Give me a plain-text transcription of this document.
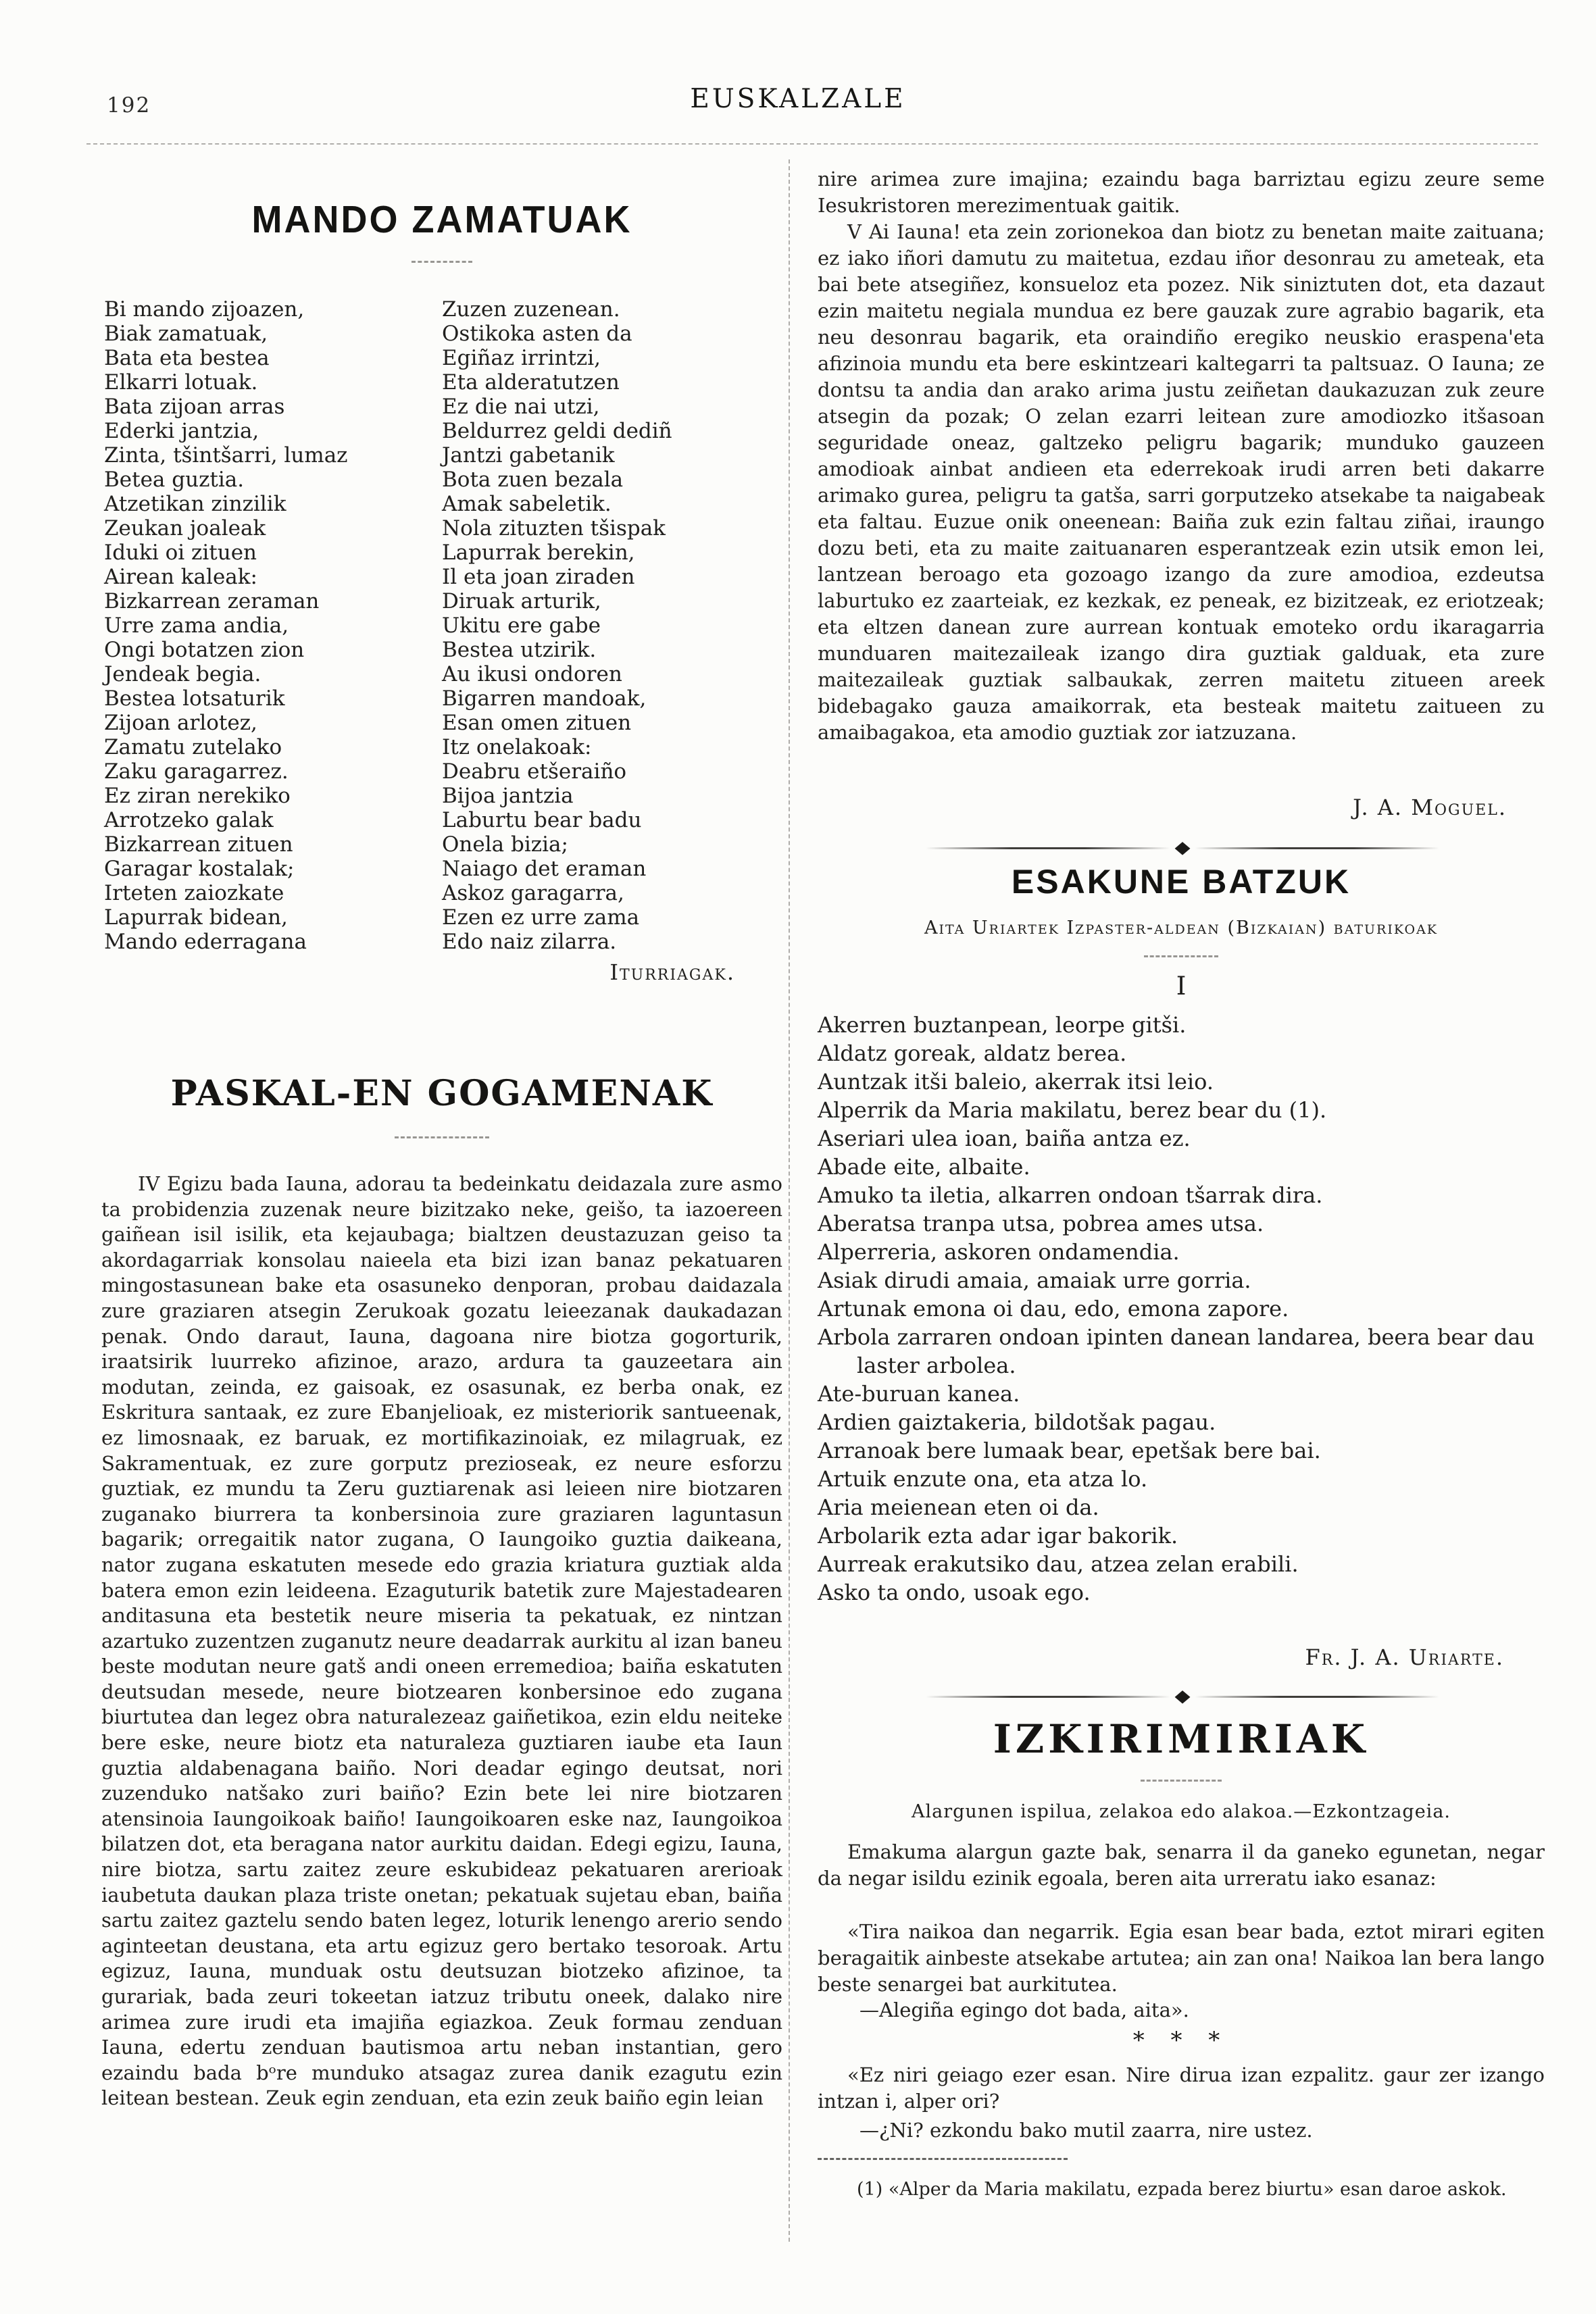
192	EUSKALZALE
MANDO ZAMATUAK
Bi mando zijoazen,
Biak zamatuak,
Bata eta bestea
Elkarri lotuak.
Bata zijoan arras
Ederki jantzia,
Zinta, tšintšarri, lumaz
Betea guztia.
Atzetikan zinzilik
Zeukan joaleak
Iduki oi zituen
Airean kaleak:
Bizkarrean zeraman
Urre zama andia,
Ongi botatzen zion
Jendeak begia.
Bestea lotsaturik
Zijoan arlotez,
Zamatu zutelako
Zaku garagarrez.
Ez ziran nerekiko
Arrotzeko galak
Bizkarrean zituen
Garagar kostalak;
Irteten zaiozkate
Lapurrak bidean,
Mando ederragana
Zuzen zuzenean.
Ostikoka asten da
Egiñaz irrintzi,
Eta alderatutzen
Ez die nai utzi,
Beldurrez geldi dediñ
Jantzi gabetanik
Bota zuen bezala
Amak sabeletik.
Nola zituzten tšispak
Lapurrak berekin,
Il eta joan ziraden
Diruak arturik,
Ukitu ere gabe
Bestea utzirik.
Au ikusi ondoren
Bigarren mandoak,
Esan omen zituen
Itz onelakoak:
Deabru etšeraiño
Bijoa jantzia
Laburtu bear badu
Onela bizia;
Naiago det eraman
Askoz garagarra,
Ezen ez urre zama
Edo naiz zilarra.
Iturriagak.
PASKAL-EN GOGAMENAK
IV Egizu bada Iauna, adorau ta bedeinkatu deidazala zure asmo ta probidenzia zuzenak neure bizitzako neke, geišo, ta iazoereen gaiñean isil isilik, eta kejaubaga; bialtzen deustazuzan geiso ta akordagarriak konsolau naieela eta bizi izan banaz pekatuaren mingostasunean bake eta osasuneko denporan, probau daidazala zure graziaren atsegin Zerukoak gozatu leieezanak daukadazan penak. Ondo daraut, Iauna, dagoana nire biotza gogorturik, iraatsirik luurreko afizinoe, arazo, ardura ta gauzeetara ain modutan, zeinda, ez gaisoak, ez osasunak, ez berba onak, ez Eskritura santaak, ez zure Ebanjelioak, ez misteriorik santueenak, ez limosnaak, ez baruak, ez mortifikazinoiak, ez milagruak, ez Sakramentuak, ez zure gorputz prezioseak, ez neure esforzu guztiak, ez mundu ta Zeru guztiarenak asi leieen nire biotzaren zuganako biurrera ta konbersinoia zure graziaren laguntasun bagarik; orregaitik nator zugana, O Iaungoiko guztia daikeana, nator zugana eskatuten mesede edo grazia kriatura guztiak alda batera emon ezin leideena. Ezaguturik batetik zure Majestadearen anditasuna eta bestetik neure miseria ta pekatuak, ez nintzan azartuko zuzentzen zuganutz neure deadarrak aurkitu al izan baneu beste modutan neure gatš andi oneen erremedioa; baiña eskatuten deutsudan mesede, neure biotzearen konbersinoe edo zugana biurtutea dan legez obra naturalezeaz gaiñetikoa, ezin eldu neiteke bere eske, neure biotz eta naturaleza guztiaren iaube eta Iaun guztia aldabenagana baiño. Nori deadar egingo deutsat, nori zuzenduko natšako zuri baiño? Ezin bete lei nire biotzaren atensinoia Iaungoikoak baiño! Iaungoikoaren eske naz, Iaungoikoa bilatzen dot, eta beragana nator aurkitu daidan. Edegi egizu, Iauna, nire biotza, sartu zaitez zeure eskubideaz pekatuaren arerioak iaubetuta daukan plaza triste onetan; pekatuak sujetau eban, baiña sartu zaitez gaztelu sendo baten legez, loturik lenengo arerio sendo aginteetan deustana, eta artu egizuz gero bertako tesoroak. Artu egizuz, Iauna, munduak ostu deutsuzan biotzeko afizinoe, ta gurariak, bada zeuri tokeetan iatzuz tributu oneek, dalako nire arimea zure irudi eta imajiña egiazkoa. Zeuk formau zenduan Iauna, edertu zenduan bautismoa artu neban instantian, gero ezaindu bada bᵒre munduko atsagaz zurea danik ezagutu ezin leitean bestean. Zeuk egin zenduan, eta ezin zeuk baiño egin leian
nire arimea zure imajina; ezaindu baga barriztau egizu zeure seme Iesukristoren merezimentuak gaitik.
V Ai Iauna! eta zein zorionekoa dan biotz zu benetan maite zaituana; ez iako iñori damutu zu maitetua, ezdau iñor desonrau zu ameteak, eta bai bete atsegiñez, konsueloz eta pozez. Nik siniztuten dot, eta dazaut ezin maitetu negiala mundua ez bere gauzak zure agrabio bagarik, eta neu desonrau bagarik, eta oraindiño eregiko neuskio eraspena'eta afizinoia mundu eta bere eskintzeari kaltegarri ta paltsuaz. O Iauna; ze dontsu ta andia dan arako arima justu zeiñetan daukazuzan zuk zeure atsegin da pozak; O zelan ezarri leitean zure amodiozko itšasoan seguridade oneaz, galtzeko peligru bagarik; munduko gauzeen amodioak ainbat andieen eta ederrekoak irudi arren beti dakarre arimako gurea, peligru ta gatša, sarri gorputzeko atsekabe ta naigabeak eta faltau. Euzue onik oneenean: Baiña zuk ezin faltau ziñai, iraungo dozu beti, eta zu maite zaituanaren esperantzeak ezin utsik emon lei, lantzean beroago eta gozoago izango da zure amodioa, ezdeutsa laburtuko ez zaarteiak, ez kezkak, ez peneak, ez bizitzeak, ez eriotzeak; eta eltzen danean zure aurrean kontuak emoteko ordu ikaragarria munduaren maitezaileak izango dira guztiak galduak, eta zure maitezaileak guztiak salbaukak, zerren maitetu zitueen areek bidebagako gauza amaikorrak, eta besteak maitetu zaitueen zu amaibagakoa, eta amodio guztiak zor iatzuzana.
J. A. Moguel.
◆
ESAKUNE BATZUK
Aita Uriartek Izpaster-aldean (Bizkaian) baturikoak
I
Akerren buztanpean, leorpe gitši.
Aldatz goreak, aldatz berea.
Auntzak itši baleio, akerrak itsi leio.
Alperrik da Maria makilatu, berez bear du (1).
Aseriari ulea ioan, baiña antza ez.
Abade eite, albaite.
Amuko ta iletia, alkarren ondoan tšarrak dira.
Aberatsa tranpa utsa, pobrea ames utsa.
Alperreria, askoren ondamendia.
Asiak dirudi amaia, amaiak urre gorria.
Artunak emona oi dau, edo, emona zapore.
Arbola zarraren ondoan ipinten danean landarea, beera bear dau laster arbolea.
Ate-buruan kanea.
Ardien gaiztakeria, bildotšak pagau.
Arranoak bere lumaak bear, epetšak bere bai.
Artuik enzute ona, eta atza lo.
Aria meienean eten oi da.
Arbolarik ezta adar igar bakorik.
Aurreak erakutsiko dau, atzea zelan erabili.
Asko ta ondo, usoak ego.
Fr. J. A. Uriarte.
◆
IZKIRIMIRIAK
Alargunen ispilua, zelakoa edo alakoa.—Ezkontzageia.
Emakuma alargun gazte bak, senarra il da ganeko egunetan, negar da negar isildu ezinik egoala, beren aita urreratu iako esanaz:
«Tira naikoa dan negarrik. Egia esan bear bada, eztot mirari egiten beragaitik ainbeste atsekabe artutea; ain zan ona! Naikoa lan bera lango beste senargei bat aurkitutea.
—Alegiña egingo dot bada, aita».
* * *
«Ez niri geiago ezer esan. Nire dirua izan ezpalitz. gaur zer izango intzan i, alper ori?
—¿Ni? ezkondu bako mutil zaarra, nire ustez.
(1) «Alper da Maria makilatu, ezpada berez biurtu» esan daroe askok.
